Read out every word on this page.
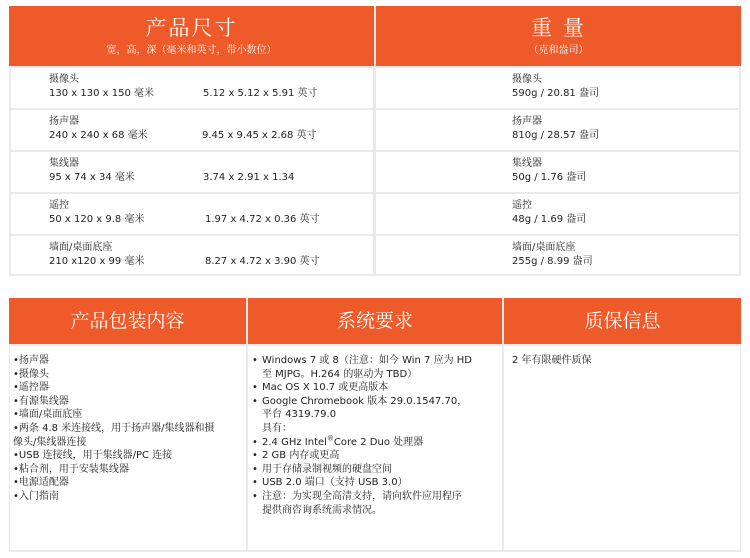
产品尺寸
宽，高，深（毫米和英寸，带小数位）
重 量
（克和盎司）
摄像头
130 x 130 x 150 毫米	5.12 x 5.12 x 5.91 英寸
扬声器
240 x 240 x 68 毫米	9.45 x 9.45 x 2.68 英寸
集线器
95 x 74 x 34 毫米	3.74 x 2.91 x 1.34
遥控
50 x 120 x 9.8 毫米	1.97 x 4.72 x 0.36 英寸
墙面/桌面底座
210 x120 x 99 毫米	8.27 x 4.72 x 3.90 英寸
摄像头
590g / 20.81 盎司
扬声器
810g / 28.57 盎司
集线器
50g / 1.76 盎司
遥控
48g / 1.69 盎司
墙面/桌面底座
255g / 8.99 盎司
产品包装内容	系统要求	质保信息
•扬声器
•摄像头
•遥控器
•有源集线器
•墙面/桌面底座
•两条 4.8 米连接线，用于扬声器/集线器和摄
像头/集线器连接
•USB 连接线，用于集线器/PC 连接
•粘合剂，用于安装集线器
•电源适配器
•入门指南
• Windows 7 或 8（注意：如今 Win 7 应为 HD
至 MJPG。H.264 的驱动为 TBD）
• Mac OS X 10.7 或更高版本
• Google Chromebook 版本 29.0.1547.70，
平台 4319.79.0
具有：
• 2.4 GHz Intel®Core 2 Duo 处理器
• 2 GB 内存或更高
• 用于存储录制视频的硬盘空间
• USB 2.0 端口（支持 USB 3.0）
• 注意：为实现全高清支持，请向软件应用程序
提供商咨询系统需求情况。
2 年有限硬件质保
